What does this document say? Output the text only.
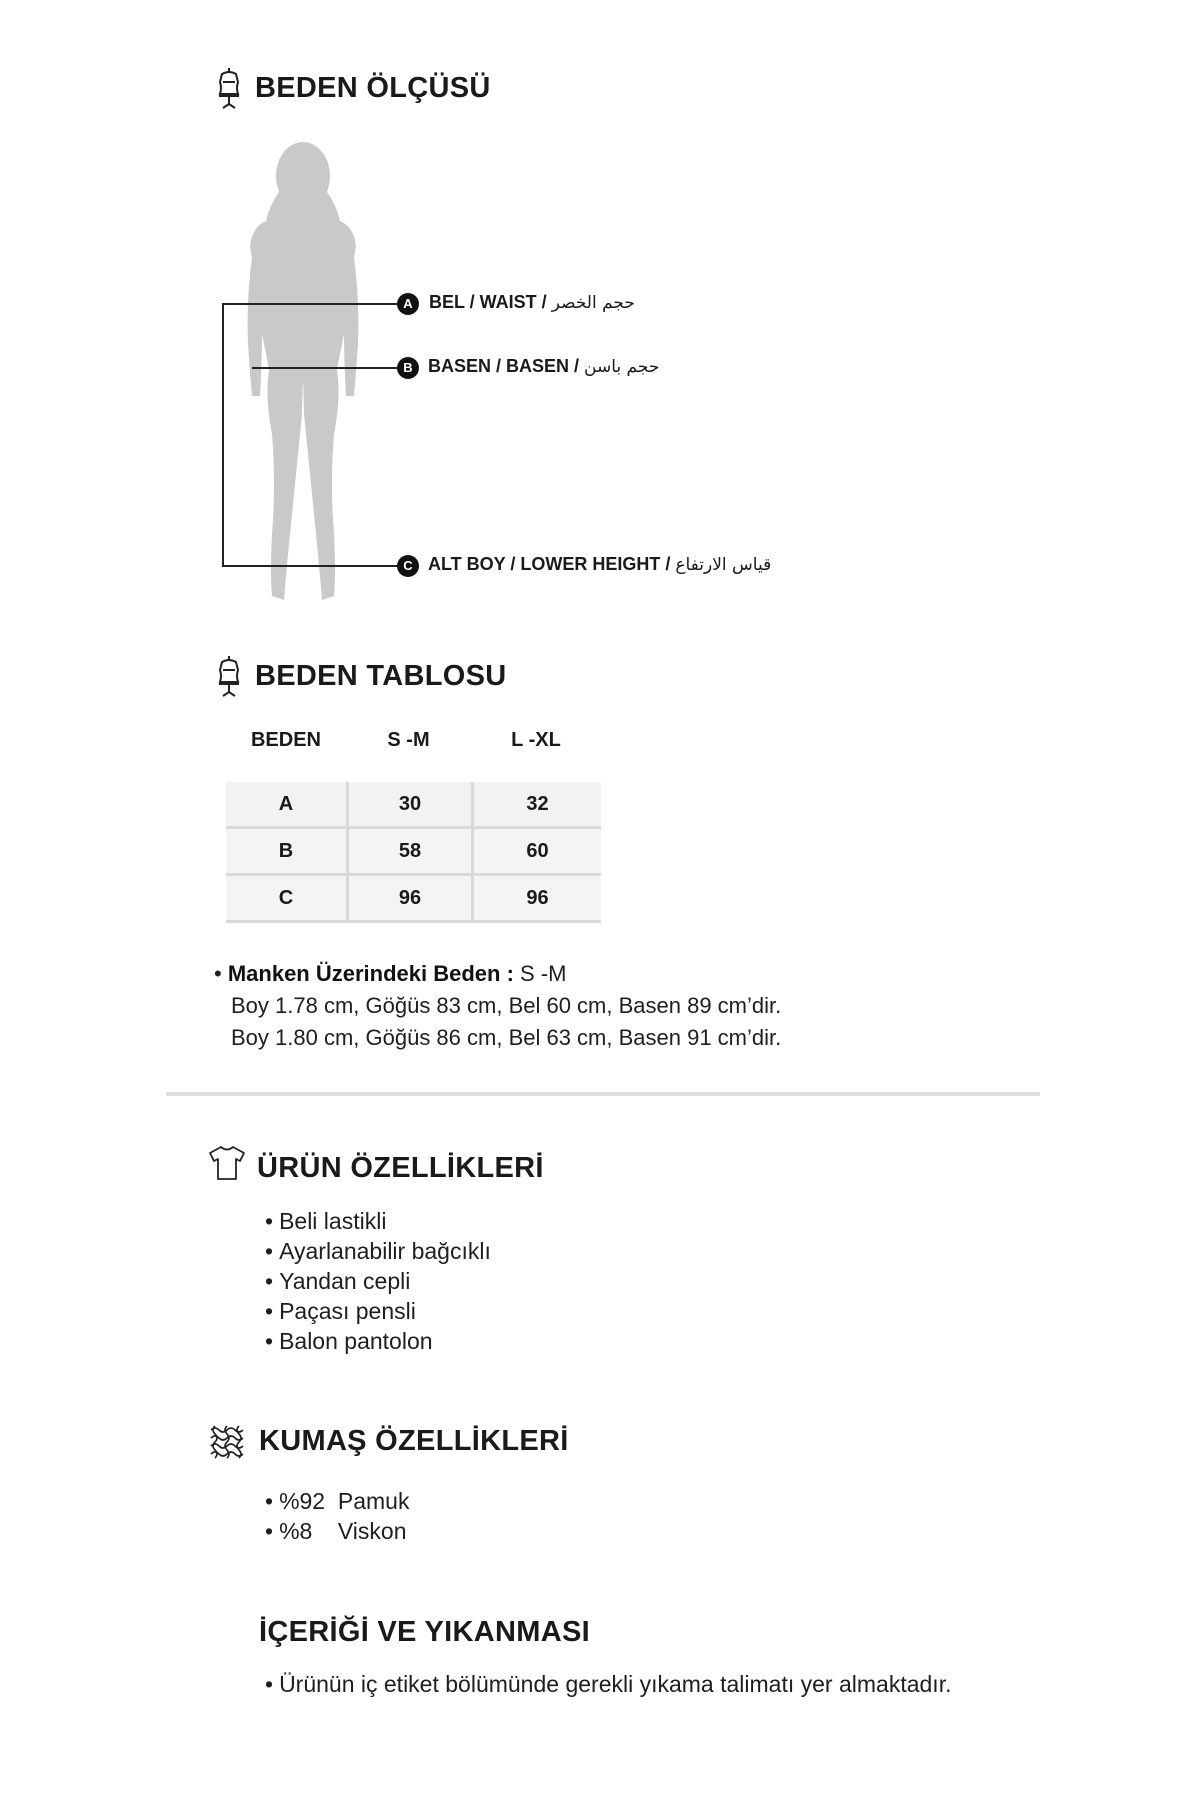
BEDEN ÖLÇÜSÜ
A BEL / WAIST / حجم الخصر
B BASEN / BASEN / حجم باسن
C ALT BOY / LOWER HEIGHT / قياس الارتفاع
BEDEN TABLOSU
BEDEN	S -M	L -XL

A	30	32
B	58	60
C	96	96
• Manken Üzerindeki Beden : S -M
Boy 1.78 cm, Göğüs 83 cm, Bel 60 cm, Basen 89 cm’dir.
Boy 1.80 cm, Göğüs 86 cm, Bel 63 cm, Basen 91 cm’dir.
ÜRÜN ÖZELLİKLERİ
• Beli lastikli
• Ayarlanabilir bağcıklı
• Yandan cepli
• Paçası pensli
• Balon pantolon
KUMAŞ ÖZELLİKLERİ
• %92  Pamuk
• %8    Viskon
İÇERİĞİ VE YIKANMASI
• Ürünün iç etiket bölümünde gerekli yıkama talimatı yer almaktadır.
